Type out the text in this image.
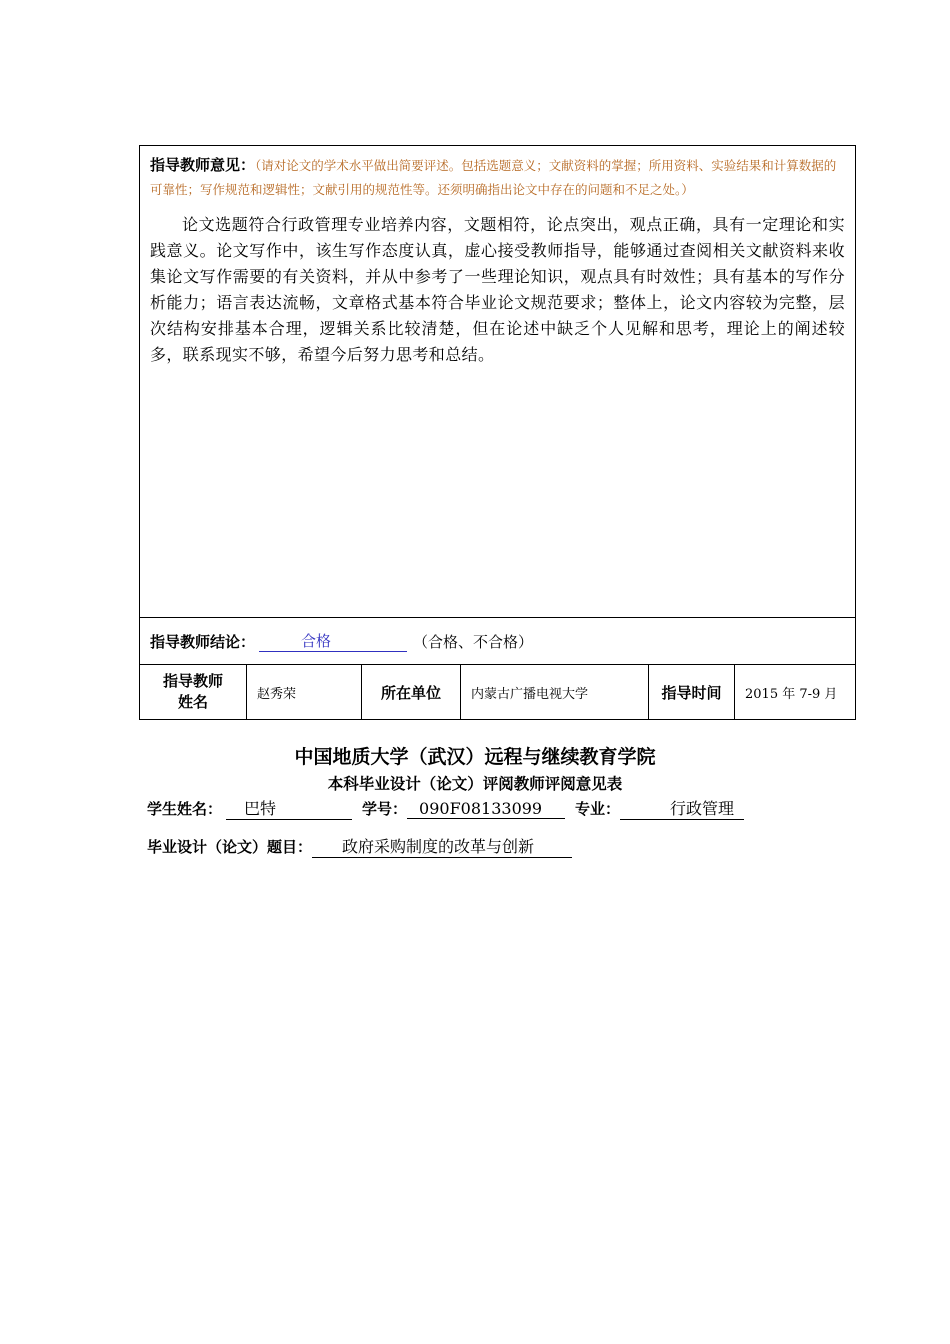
指导教师意见：（请对论文的学术水平做出简要评述。包括选题意义；文献资料的掌握；所用资料、实验结果和计算数据的可靠性；写作规范和逻辑性；文献引用的规范性等。还须明确指出论文中存在的问题和不足之处。）
论文选题符合行政管理专业培养内容，文题相符，论点突出，观点正确，具有一定理论和实践意义。论文写作中，该生写作态度认真，虚心接受教师指导，能够通过查阅相关文献资料来收集论文写作需要的有关资料，并从中参考了一些理论知识，观点具有时效性；具有基本的写作分析能力；语言表达流畅，文章格式基本符合毕业论文规范要求；整体上，论文内容较为完整，层次结构安排基本合理，逻辑关系比较清楚，但在论述中缺乏个人见解和思考，理论上的阐述较多，联系现实不够，希望今后努力思考和总结。
指导教师结论：	合格	（合格、不合格）
指导教师姓名	赵秀荣	所在单位	内蒙古广播电视大学	指导时间	2015 年 7-9 月
中国地质大学（武汉）远程与继续教育学院
本科毕业设计（论文）评阅教师评阅意见表
学生姓名：	巴特	学号： 090F08133099	专业：	行政管理
毕业设计（论文）题目：	政府采购制度的改革与创新
